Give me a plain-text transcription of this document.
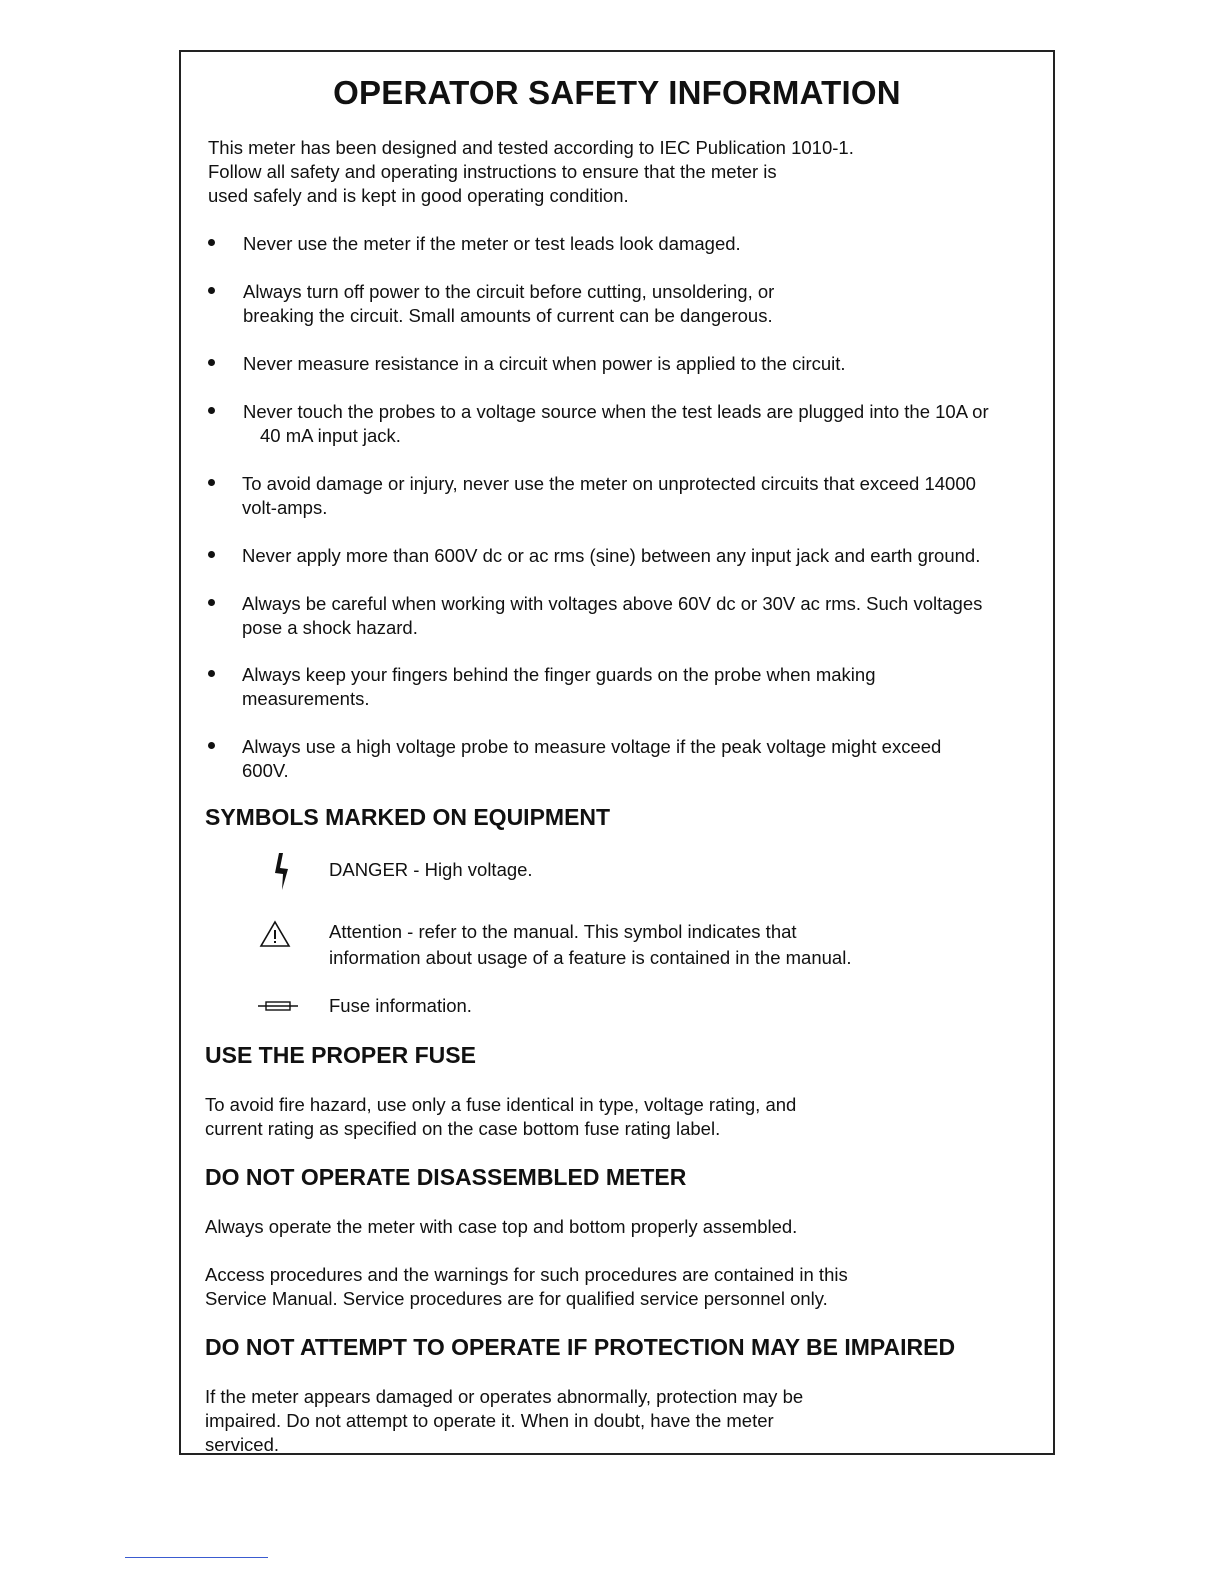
OPERATOR SAFETY INFORMATION
This meter has been designed and tested according to IEC Publication 1010-1.
Follow all safety and operating instructions to ensure that the meter is
used safely and is kept in good operating condition.
Never use the meter if the meter or test leads look damaged.
Always turn off power to the circuit before cutting, unsoldering, or
breaking the circuit. Small amounts of current can be dangerous.
Never measure resistance in a circuit when power is applied to the circuit.
Never touch the probes to a voltage source when the test leads are plugged into the 10A or
40 mA input jack.
To avoid damage or injury, never use the meter on unprotected circuits that exceed 14000
volt-amps.
Never apply more than 600V dc or ac rms (sine) between any input jack and earth ground.
Always be careful when working with voltages above 60V dc or 30V ac rms. Such voltages
pose a shock hazard.
Always keep your fingers behind the finger guards on the probe when making
measurements.
Always use a high voltage probe to measure voltage if the peak voltage might exceed
600V.
SYMBOLS MARKED ON EQUIPMENT
DANGER - High voltage.
Attention - refer to the manual. This symbol indicates that
information about usage of a feature is contained in the manual.
Fuse information.
USE THE PROPER FUSE
To avoid fire hazard, use only a fuse identical in type, voltage rating, and
current rating as specified on the case bottom fuse rating label.
DO NOT OPERATE DISASSEMBLED METER
Always operate the meter with case top and bottom properly assembled.
Access procedures and the warnings for such procedures are contained in this
Service Manual. Service procedures are for qualified service personnel only.
DO NOT ATTEMPT TO OPERATE IF PROTECTION MAY BE IMPAIRED
If the meter appears damaged or operates abnormally, protection may be
impaired. Do not attempt to operate it. When in doubt, have the meter
serviced.
